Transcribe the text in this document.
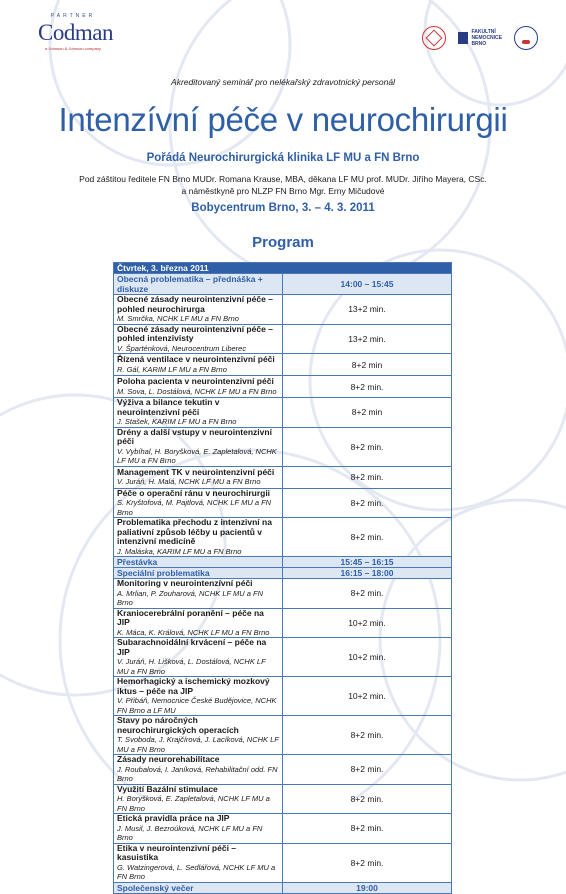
PARTNER
Codman
a Johnson & Johnson company
FAKULTNÍ
NEMOCNICE
BRNO
Akreditovaný seminář pro nelékařský zdravotnický personál
Intenzívní péče v neurochirurgii
Pořádá Neurochirurgická klinika LF MU a FN Brno
Pod záštitou ředitele FN Brno MUDr. Romana Krause, MBA, děkana LF MU prof. MUDr. Jiřího Mayera, CSc.
a náměstkyně pro NLZP FN Brno Mgr. Erny Mičudové
Bobycentrum Brno, 3. – 4. 3. 2011
Program
Čtvrtek, 3. března 2011	
Obecná problematika – přednáška + diskuze	14:00 – 15:45

Obecné zásady neurointenzivní péče – pohled neurochirurga
M. Smrčka, NCHK LF MU a FN Brno	13+2 min.

Obecné zásady neurointenzivní péče – pohled intenzivisty
V. Šparténková, Neurocentrum Liberec	13+2 min.

Řízená ventilace v neurointenzivní péči
R. Gál, KARIM LF MU a FN Brno	8+2 min

Poloha pacienta v neurointenzivní péči
M. Sova, L. Dostálová, NCHK LF MU a FN Brno	8+2 min.

Výživa a bilance tekutin v neurointenzivní péči
J. Stašek, KARIM LF MU a FN Brno	8+2 min

Drény a další vstupy v neurointenzivní péči
V. Vybíhal, H. Boryšková, E. Zapletalová, NCHK LF MU a FN Brno	8+2 min.

Management TK v neurointenzivní péči
V. Juráň, H. Malá, NCHK LF MU a FN Brno	8+2 min.

Péče o operační ránu v neurochirurgii
S. Kryštofová, M. Pajtlová, NCHK LF MU a FN Brno	8+2 min.

Problematika přechodu z intenzivní na paliativní způsob léčby u pacientů v intenzivní medicíně
J. Maláska, KARIM LF MU a FN Brno	8+2 min.
Přestávka	15:45 – 16:15
Speciální problematika	16:15 – 18:00

Monitoring v neurointenzívní péči
A. Mrlian, P. Zouharová, NCHK LF MU a FN Brno	8+2 min.

Kraniocerebrální poranění – péče na JIP
K. Máca, K. Králová, NCHK LF MU a FN Brno	10+2 min.

Subarachnoidální krvácení – péče na JIP
V. Juráň, H. Lišková, L. Dostálová, NCHK LF MU a FN Brno	10+2 min.

Hemorhagický a ischemický mozkový iktus – péče na JIP
V. Přibáň, Nemocnice České Budějovice, NCHK FN Brno a LF MU	10+2 min.

Stavy po náročných neurochirurgických operacích
T. Svoboda, J. Krajčírová, J. Lacíková, NCHK LF MU a FN Brno	8+2 min.

Zásady neurorehabilitace
J. Roubalová, I. Janíková, Rehabilitační odd. FN Brno	8+2 min.

Využití Bazální stimulace
H. Boryšková, E. Zapletalová, NCHK LF MU a FN Brno	8+2 min.

Etická pravidla práce na JIP
J. Musil, J. Bezroúková, NCHK LF MU a FN Brno	8+2 min.

Etika v neurointenzivní péči – kasuistika
G. Watzingerová, L. Sedlářová, NCHK LF MU a FN Brno	8+2 min.
Společenský večer	19:00
